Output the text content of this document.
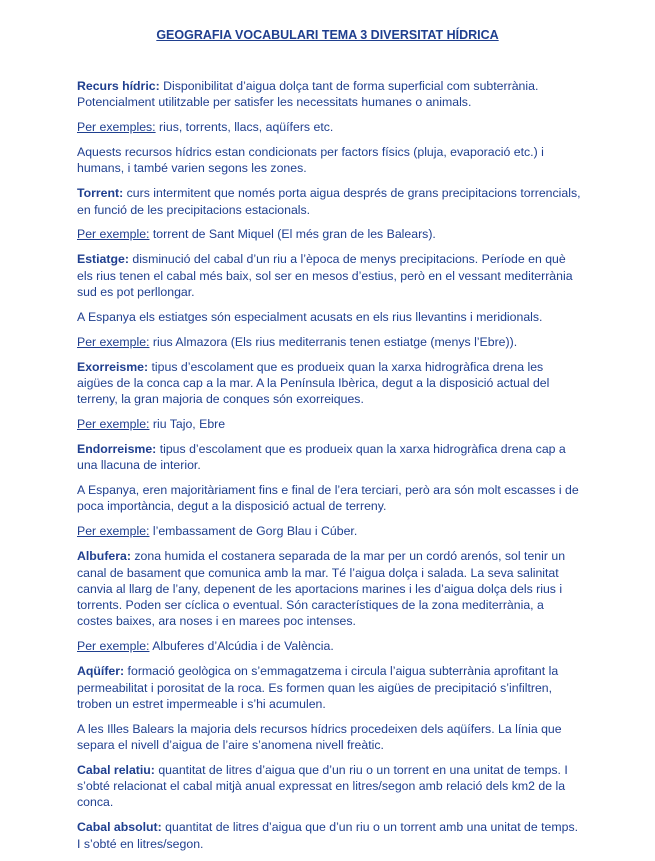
GEOGRAFIA VOCABULARI TEMA 3 DIVERSITAT HÍDRICA

Recurs hídric: Disponibilitat d’aigua dolça tant de forma superficial com subterrània. Potencialment utilitzable per satisfer les necessitats humanes o animals.

Per exemples: rius, torrents, llacs, aqüífers etc.

Aquests recursos hídrics estan condicionats per factors físics (pluja, evaporació etc.) i humans, i també varien segons les zones.

Torrent: curs intermitent que només porta aigua després de grans precipitacions torrencials, en funció de les precipitacions estacionals.

Per exemple: torrent de Sant Miquel (El més gran de les Balears).

Estiatge: disminució del cabal d’un riu a l’època de menys precipitacions. Període en què els rius tenen el cabal més baix, sol ser en mesos d’estius, però en el vessant mediterrània sud es pot perllongar.

A Espanya els estiatges són especialment acusats en els rius llevantins i meridionals.

Per exemple: rius Almazora (Els rius mediterranis tenen estiatge (menys l’Ebre)).

Exorreisme: tipus d’escolament que es produeix quan la xarxa hidrogràfica drena les aigües de la conca cap a la mar. A la Península Ibèrica, degut a la disposició actual del terreny, la gran majoria de conques són exorreiques.

Per exemple: riu Tajo, Ebre

Endorreisme: tipus d’escolament que es produeix quan la xarxa hidrogràfica drena cap a una llacuna de interior.

A Espanya, eren majoritàriament fins e final de l’era terciari, però ara són molt escasses i de poca importància, degut a la disposició actual de terreny.

Per exemple: l’embassament de Gorg Blau i Cúber.

Albufera: zona humida el costanera separada de la mar per un cordó arenós, sol tenir un canal de basament que comunica amb la mar. Té l’aigua dolça i salada. La seva salinitat canvia al llarg de l’any, depenent de les aportacions marines i les d’aigua dolça dels rius i torrents. Poden ser cíclica o eventual. Són característiques de la zona mediterrània, a costes baixes, ara noses i en marees poc intenses.

Per exemple: Albuferes d’Alcúdia i de València.

Aqüífer: formació geològica on s’emmagatzema i circula l’aigua subterrània aprofitant la permeabilitat i porositat de la roca. Es formen quan les aigües de precipitació s’infiltren, troben un estret impermeable i s’hi acumulen.

A les Illes Balears la majoria dels recursos hídrics procedeixen dels aqüífers. La línia que separa el nivell d’aigua de l’aire s’anomena nivell freàtic.

Cabal relatiu: quantitat de litres d’aigua que d’un riu o un torrent en una unitat de temps. I s’obté relacionat el cabal mitjà anual expressat en litres/segon amb relació dels km2 de la conca.

Cabal absolut: quantitat de litres d’aigua que d’un riu o un torrent amb una unitat de temps. I s’obté en litres/segon.
